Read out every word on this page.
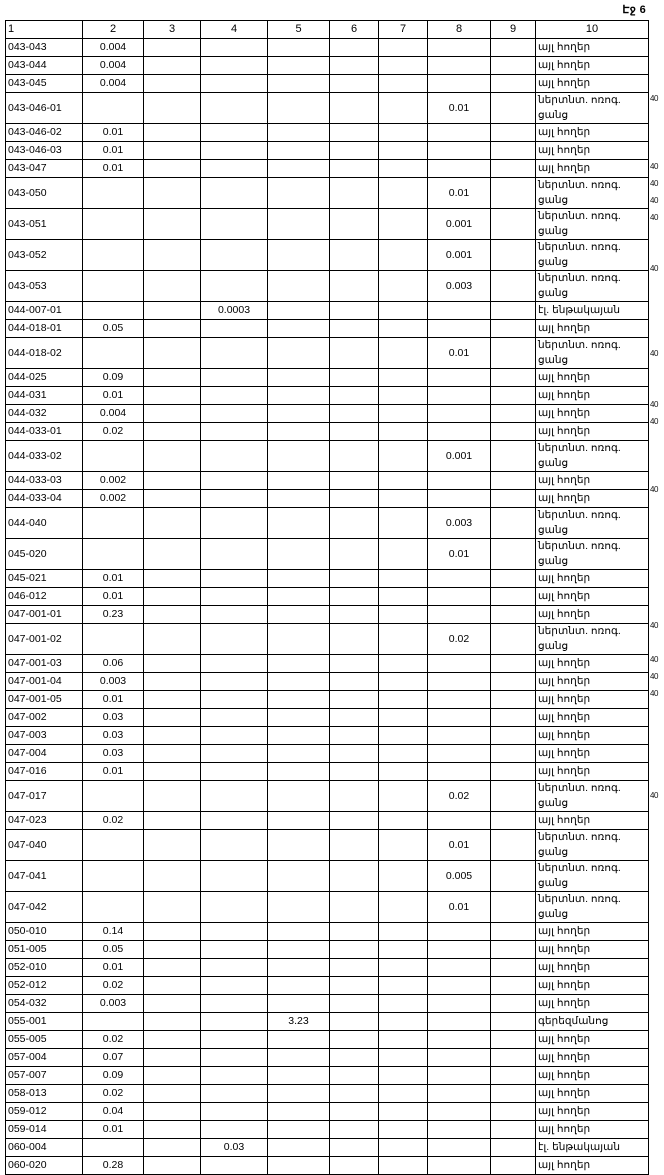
Էջ 6
1	2	3	4	5	6	7	8	9	10
043-043	0.004								այլ հողեր
043-044	0.004								այլ հողեր
043-045	0.004								այլ հողեր
043-046-01							0.01		ներտնտ. ոռոգ. ցանց
043-046-02	0.01								այլ հողեր
043-046-03	0.01								այլ հողեր
043-047	0.01								այլ հողեր
043-050							0.01		ներտնտ. ոռոգ. ցանց
043-051							0.001		ներտնտ. ոռոգ. ցանց
043-052							0.001		ներտնտ. ոռոգ. ցանց
043-053							0.003		ներտնտ. ոռոգ. ցանց
044-007-01			0.0003						էլ. ենթակայան
044-018-01	0.05								այլ հողեր
044-018-02							0.01		ներտնտ. ոռոգ. ցանց
044-025	0.09								այլ հողեր
044-031	0.01								այլ հողեր
044-032	0.004								այլ հողեր
044-033-01	0.02								այլ հողեր
044-033-02							0.001		ներտնտ. ոռոգ. ցանց
044-033-03	0.002								այլ հողեր
044-033-04	0.002								այլ հողեր
044-040							0.003		ներտնտ. ոռոգ. ցանց
045-020							0.01		ներտնտ. ոռոգ. ցանց
045-021	0.01								այլ հողեր
046-012	0.01								այլ հողեր
047-001-01	0.23								այլ հողեր
047-001-02							0.02		ներտնտ. ոռոգ. ցանց
047-001-03	0.06								այլ հողեր
047-001-04	0.003								այլ հողեր
047-001-05	0.01								այլ հողեր
047-002	0.03								այլ հողեր
047-003	0.03								այլ հողեր
047-004	0.03								այլ հողեր
047-016	0.01								այլ հողեր
047-017							0.02		ներտնտ. ոռոգ. ցանց
047-023	0.02								այլ հողեր
047-040							0.01		ներտնտ. ոռոգ. ցանց
047-041							0.005		ներտնտ. ոռոգ. ցանց
047-042							0.01		ներտնտ. ոռոգ. ցանց
050-010	0.14								այլ հողեր
051-005	0.05								այլ հողեր
052-010	0.01								այլ հողեր
052-012	0.02								այլ հողեր
054-032	0.003								այլ հողեր
055-001				3.23					գերեզմանոց
055-005	0.02								այլ հողեր
057-004	0.07								այլ հողեր
057-007	0.09								այլ հողեր
058-013	0.02								այլ հողեր
059-012	0.04								այլ հողեր
059-014	0.01								այլ հողեր
060-004			0.03						էլ. ենթակայան
060-020	0.28								այլ հողեր
40
40
40
40
40
40
40
40
40
40
40
40
40
40
40
